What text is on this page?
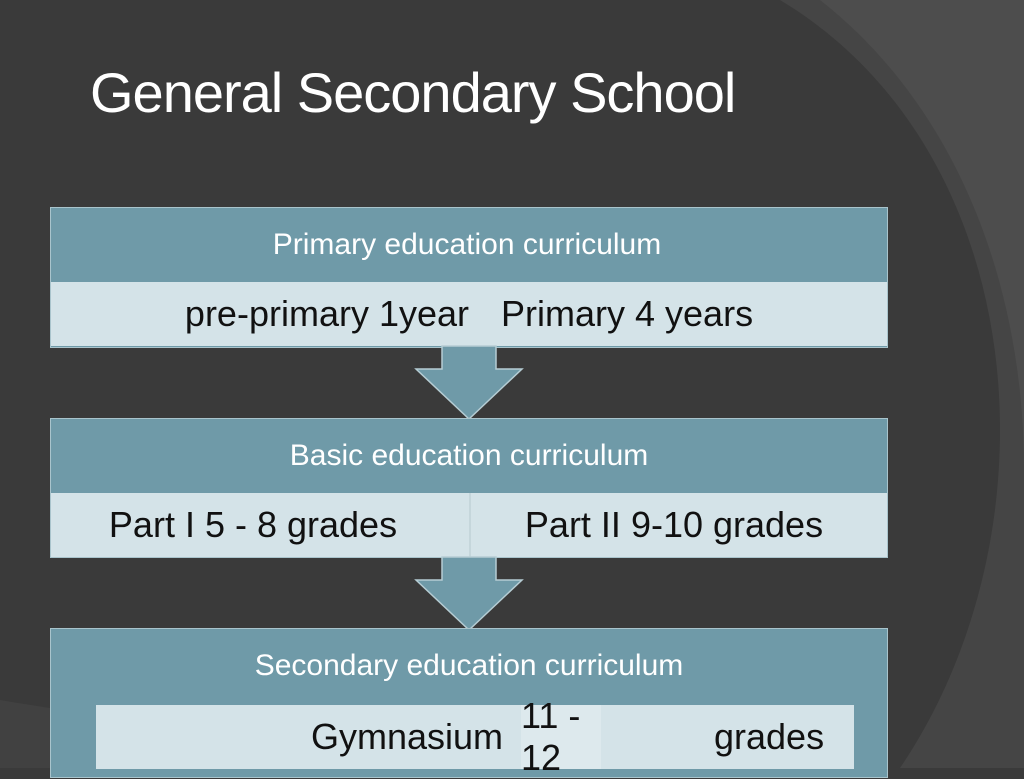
General Secondary School
Primary education curriculum
pre-primary 1year Primary 4 years
Basic education curriculum
Part I 5 - 8 grades	Part II 9-10 grades
Secondary education curriculum
Gymnasium
11 - 12
grades
